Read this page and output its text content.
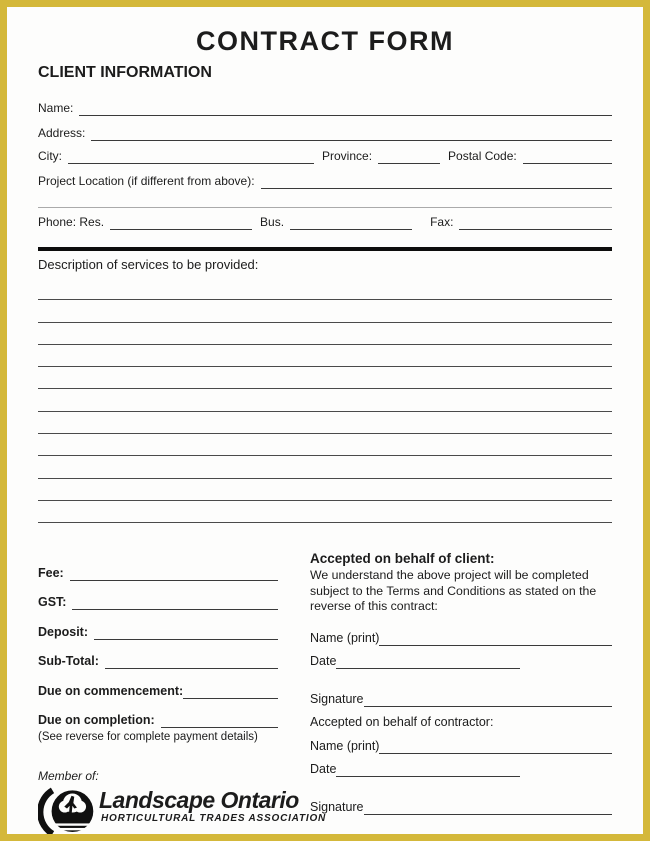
CONTRACT FORM
CLIENT INFORMATION
Name:
Address:
City:	Province:	Postal Code:
Project Location (if different from above):
Phone: Res.	Bus.	Fax:
Description of services to be provided:
Fee:
GST:
Deposit:
Sub-Total:
Due on commencement:
Due on completion:
(See reverse for complete payment details)
Member of:
Landscape Ontario
HORTICULTURAL TRADES ASSOCIATION
Accepted on behalf of client:
We understand the above project will be completed subject to the Terms and Conditions as stated on the reverse of this contract:
Name (print)
Date
Signature
Accepted on behalf of contractor:
Name (print)
Date
Signature
